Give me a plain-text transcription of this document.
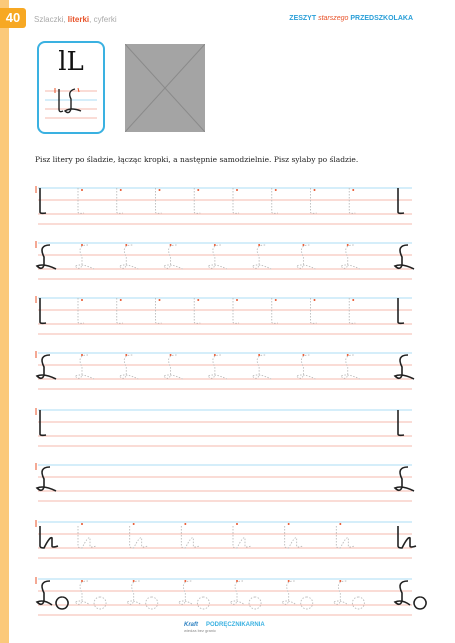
40	Szlaczki, literki, cyferki	ZESZYT starszego PRZEDSZKOLAKA
lL
Pisz litery po śladzie, łącząc kropki, a następnie samodzielnie. Pisz sylaby po śladzie.
Kraft PODRĘCZNIKARNIA
wiedza bez granic
